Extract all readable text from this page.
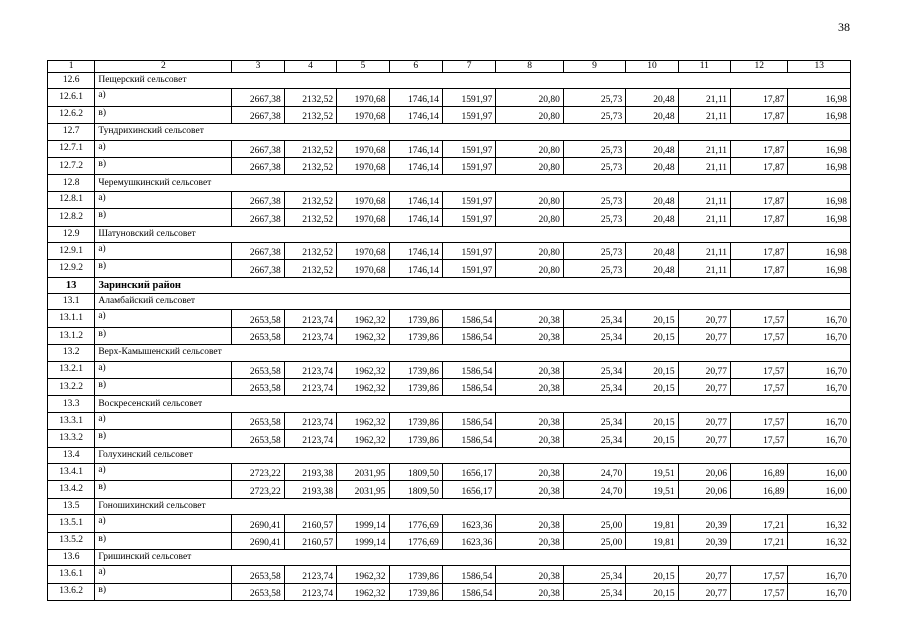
38
1	2	3	4	5	6	7	8	9	10	11	12	13
12.6	Пещерский сельсовет											
12.6.1	а)	2667,38	2132,52	1970,68	1746,14	1591,97	20,80	25,73	20,48	21,11	17,87	16,98
12.6.2	в)	2667,38	2132,52	1970,68	1746,14	1591,97	20,80	25,73	20,48	21,11	17,87	16,98
12.7	Тундрихинский сельсовет											
12.7.1	а)	2667,38	2132,52	1970,68	1746,14	1591,97	20,80	25,73	20,48	21,11	17,87	16,98
12.7.2	в)	2667,38	2132,52	1970,68	1746,14	1591,97	20,80	25,73	20,48	21,11	17,87	16,98
12.8	Черемушкинский сельсовет											
12.8.1	а)	2667,38	2132,52	1970,68	1746,14	1591,97	20,80	25,73	20,48	21,11	17,87	16,98
12.8.2	в)	2667,38	2132,52	1970,68	1746,14	1591,97	20,80	25,73	20,48	21,11	17,87	16,98
12.9	Шатуновский сельсовет											
12.9.1	а)	2667,38	2132,52	1970,68	1746,14	1591,97	20,80	25,73	20,48	21,11	17,87	16,98
12.9.2	в)	2667,38	2132,52	1970,68	1746,14	1591,97	20,80	25,73	20,48	21,11	17,87	16,98
13	Заринский район											
13.1	Аламбайский сельсовет											
13.1.1	а)	2653,58	2123,74	1962,32	1739,86	1586,54	20,38	25,34	20,15	20,77	17,57	16,70
13.1.2	в)	2653,58	2123,74	1962,32	1739,86	1586,54	20,38	25,34	20,15	20,77	17,57	16,70
13.2	Верх-Камышенский сельсовет											
13.2.1	а)	2653,58	2123,74	1962,32	1739,86	1586,54	20,38	25,34	20,15	20,77	17,57	16,70
13.2.2	в)	2653,58	2123,74	1962,32	1739,86	1586,54	20,38	25,34	20,15	20,77	17,57	16,70
13.3	Воскресенский сельсовет											
13.3.1	а)	2653,58	2123,74	1962,32	1739,86	1586,54	20,38	25,34	20,15	20,77	17,57	16,70
13.3.2	в)	2653,58	2123,74	1962,32	1739,86	1586,54	20,38	25,34	20,15	20,77	17,57	16,70
13.4	Голухинский сельсовет											
13.4.1	а)	2723,22	2193,38	2031,95	1809,50	1656,17	20,38	24,70	19,51	20,06	16,89	16,00
13.4.2	в)	2723,22	2193,38	2031,95	1809,50	1656,17	20,38	24,70	19,51	20,06	16,89	16,00
13.5	Гоношихинский сельсовет											
13.5.1	а)	2690,41	2160,57	1999,14	1776,69	1623,36	20,38	25,00	19,81	20,39	17,21	16,32
13.5.2	в)	2690,41	2160,57	1999,14	1776,69	1623,36	20,38	25,00	19,81	20,39	17,21	16,32
13.6	Гришинский сельсовет											
13.6.1	а)	2653,58	2123,74	1962,32	1739,86	1586,54	20,38	25,34	20,15	20,77	17,57	16,70
13.6.2	в)	2653,58	2123,74	1962,32	1739,86	1586,54	20,38	25,34	20,15	20,77	17,57	16,70
